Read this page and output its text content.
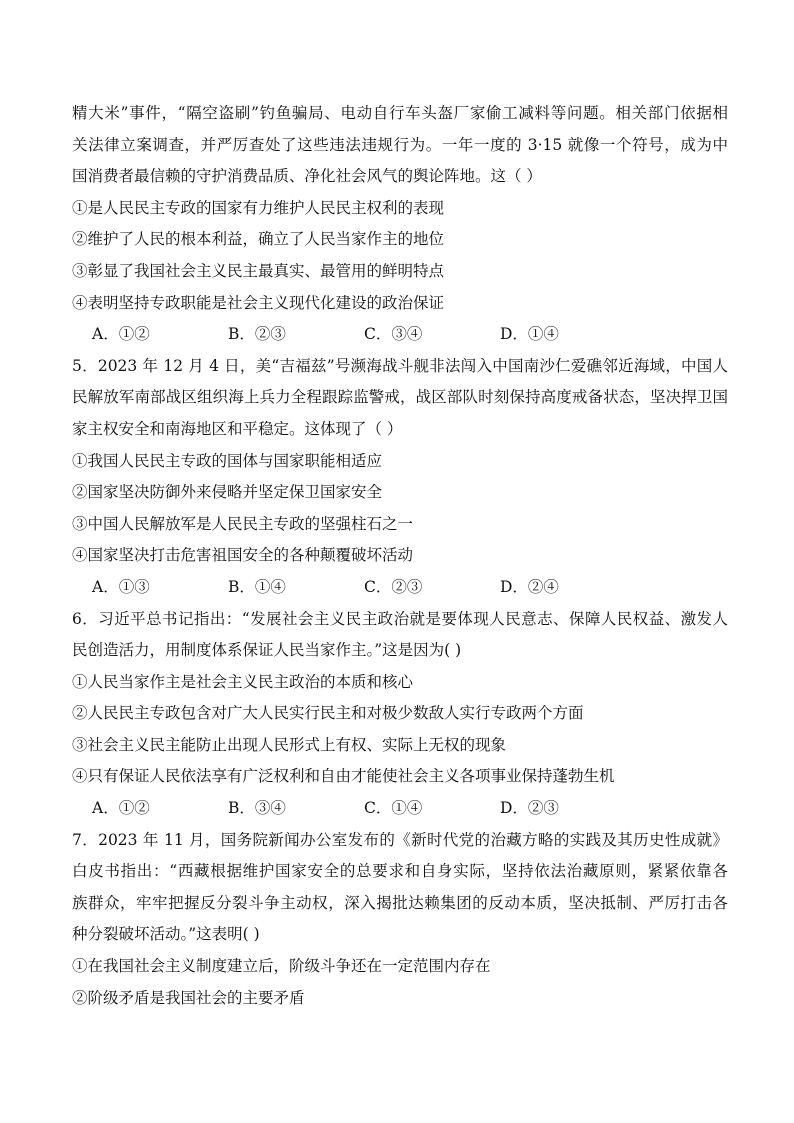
精大米”事件，“隔空盗刷”钓鱼骗局、电动自行车头盔厂家偷工减料等问题。相关部门依据相
关法律立案调查，并严厉查处了这些违法违规行为。一年一度的 3·15 就像一个符号，成为中
国消费者最信赖的守护消费品质、净化社会风气的舆论阵地。这（ ）
①是人民民主专政的国家有力维护人民民主权利的表现
②维护了人民的根本利益，确立了人民当家作主的地位
③彰显了我国社会主义民主最真实、最管用的鲜明特点
④表明坚持专政职能是社会主义现代化建设的政治保证
A．①②	B．②③	C．③④	D．①④
5．2023 年 12 月 4 日，美“吉福兹”号濒海战斗舰非法闯入中国南沙仁爱礁邻近海域，中国人
民解放军南部战区组织海上兵力全程跟踪监警戒，战区部队时刻保持高度戒备状态，坚决捍卫国
家主权安全和南海地区和平稳定。这体现了（ ）
①我国人民民主专政的国体与国家职能相适应
②国家坚决防御外来侵略并坚定保卫国家安全
③中国人民解放军是人民民主专政的坚强柱石之一
④国家坚决打击危害祖国安全的各种颠覆破坏活动
A．①③	B．①④	C．②③	D．②④
6．习近平总书记指出：“发展社会主义民主政治就是要体现人民意志、保障人民权益、激发人
民创造活力，用制度体系保证人民当家作主。”这是因为( )
①人民当家作主是社会主义民主政治的本质和核心
②人民民主专政包含对广大人民实行民主和对极少数敌人实行专政两个方面
③社会主义民主能防止出现人民形式上有权、实际上无权的现象
④只有保证人民依法享有广泛权利和自由才能使社会主义各项事业保持蓬勃生机
A．①②	B．③④	C．①④	D．②③
7．2023 年 11 月，国务院新闻办公室发布的《新时代党的治藏方略的实践及其历史性成就》
白皮书指出：“西藏根据维护国家安全的总要求和自身实际，坚持依法治藏原则，紧紧依靠各
族群众，牢牢把握反分裂斗争主动权，深入揭批达赖集团的反动本质，坚决抵制、严厉打击各
种分裂破坏活动。”这表明( )
①在我国社会主义制度建立后，阶级斗争还在一定范围内存在
②阶级矛盾是我国社会的主要矛盾
